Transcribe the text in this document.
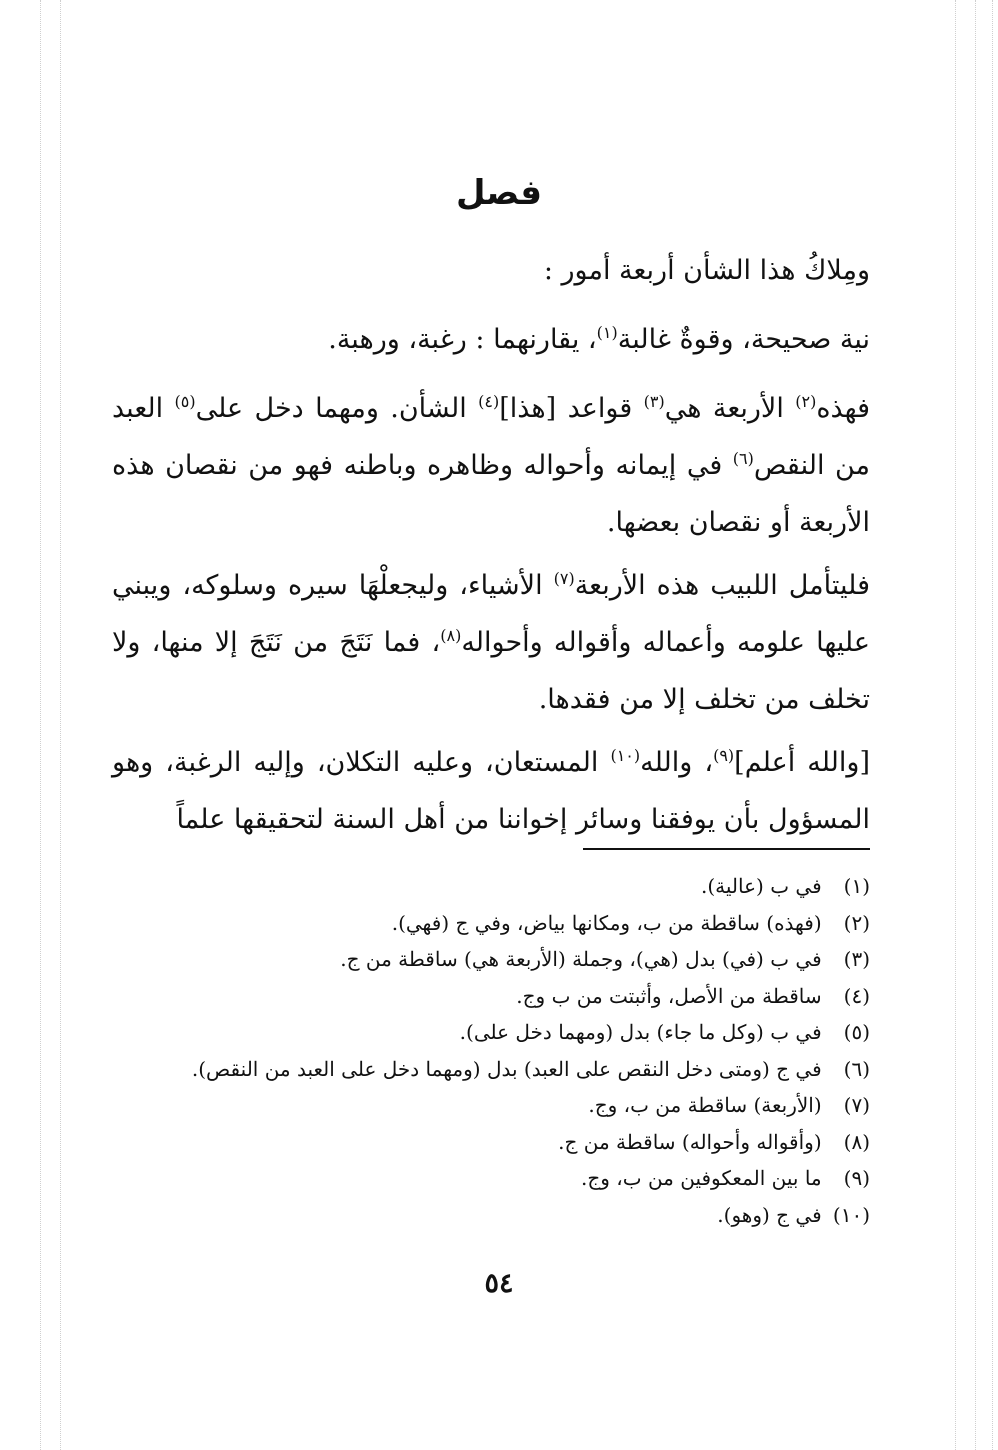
فصل

ومِلاكُ هذا الشأن أربعة أمور :

نية صحيحة، وقوةٌ غالبة$^{(١)}$، يقارنهما : رغبة، ورهبة.

فهذه$^{(٢)}$ الأربعة هي$^{(٣)}$ قواعد [هذا]$^{(٤)}$ الشأن. ومهما دخل على$^{(٥)}$ العبد من النقص$^{(٦)}$ في إيمانه وأحواله وظاهره وباطنه فهو من نقصان هذه الأربعة أو نقصان بعضها.

فليتأمل اللبيب هذه الأربعة$^{(٧)}$ الأشياء، وليجعلْهَا سيره وسلوكه، ويبني عليها علومه وأعماله وأقواله وأحواله$^{(٨)}$، فما نَتَجَ من نَتَجَ إلا منها، ولا تخلف من تخلف إلا من فقدها.

[والله أعلم]$^{(٩)}$، والله$^{(١٠)}$ المستعان، وعليه التكلان، وإليه الرغبة، وهو المسؤول بأن يوفقنا وسائر إخواننا من أهل السنة لتحقيقها علماً

(١) في ب (عالية).
(٢) (فهذه) ساقطة من ب، ومكانها بياض، وفي ج (فهي).
(٣) في ب (في) بدل (هي)، وجملة (الأربعة هي) ساقطة من ج.
(٤) ساقطة من الأصل، وأثبتت من ب وج.
(٥) في ب (وكل ما جاء) بدل (ومهما دخل على).
(٦) في ج (ومتى دخل النقص على العبد) بدل (ومهما دخل على العبد من النقص).
(٧) (الأربعة) ساقطة من ب، وج.
(٨) (وأقواله وأحواله) ساقطة من ج.
(٩) ما بين المعكوفين من ب، وج.
(١٠) في ج (وهو).
٥٤
